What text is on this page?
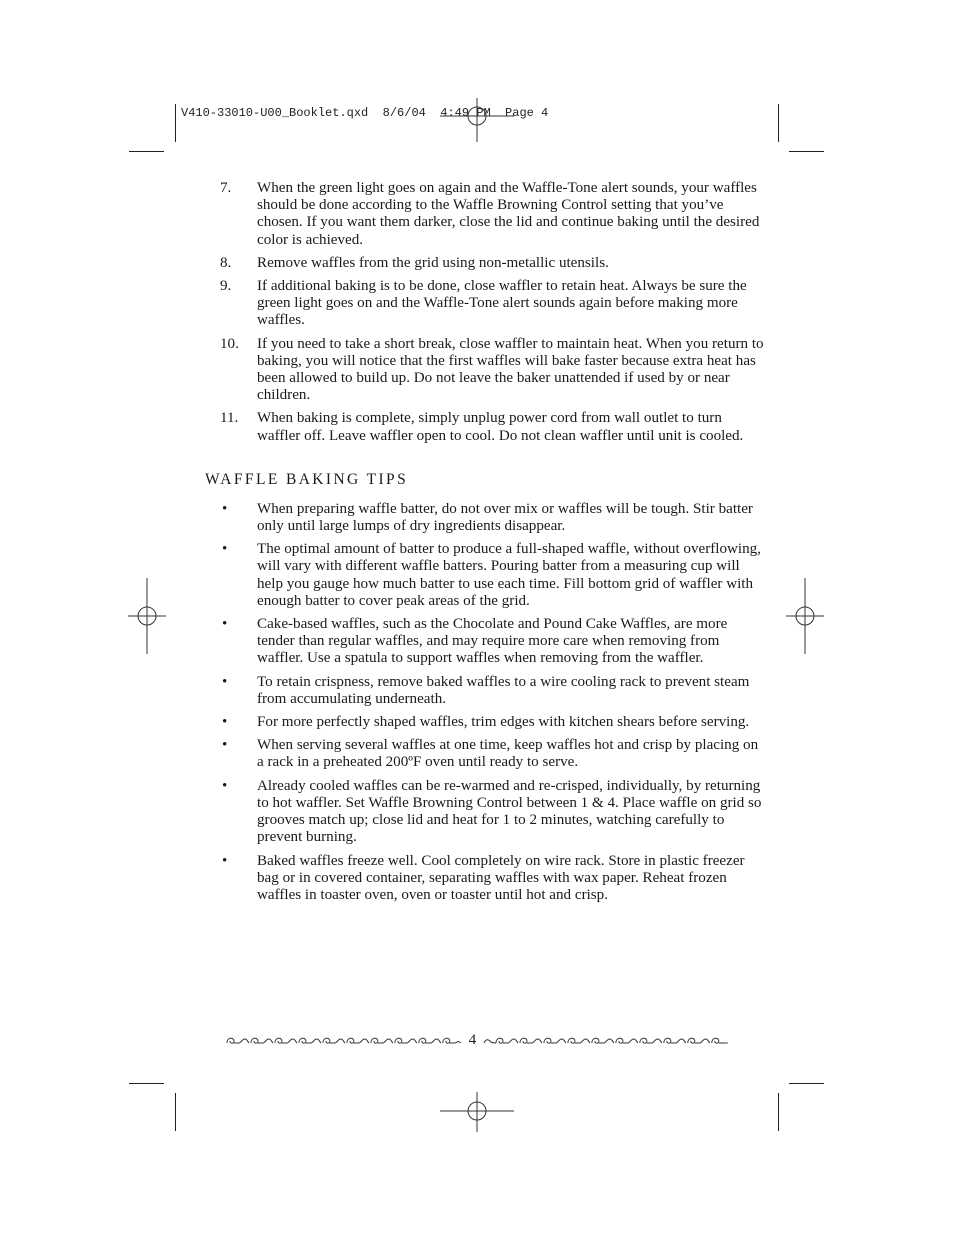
V410-33010-U00_Booklet.qxd  8/6/04  4:49 PM  Page 4
7. When the green light goes on again and the Waffle-Tone alert sounds, your waffles should be done according to the Waffle Browning Control setting that you’ve chosen. If you want them darker, close the lid and continue baking until the desired color is achieved.
8. Remove waffles from the grid using non-metallic utensils.
9. If additional baking is to be done, close waffler to retain heat. Always be sure the green light goes on and the Waffle-Tone alert sounds again before making more waffles.
10. If you need to take a short break, close waffler to maintain heat. When you return to baking, you will notice that the first waffles will bake faster because extra heat has been allowed to build up. Do not leave the baker unattended if used by or near children.
11. When baking is complete, simply unplug power cord from wall outlet to turn waffler off. Leave waffler open to cool. Do not clean waffler until unit is cooled.
WAFFLE BAKING TIPS
• When preparing waffle batter, do not over mix or waffles will be tough. Stir batter only until large lumps of dry ingredients disappear.
• The optimal amount of batter to produce a full-shaped waffle, without overflowing, will vary with different waffle batters. Pouring batter from a measuring cup will help you gauge how much batter to use each time. Fill bottom grid of waffler with enough batter to cover peak areas of the grid.
• Cake-based waffles, such as the Chocolate and Pound Cake Waffles, are more tender than regular waffles, and may require more care when removing from waffler. Use a spatula to support waffles when removing from the waffler.
• To retain crispness, remove baked waffles to a wire cooling rack to prevent steam from accumulating underneath.
• For more perfectly shaped waffles, trim edges with kitchen shears before serving.
• When serving several waffles at one time, keep waffles hot and crisp by placing on a rack in a preheated 200ºF oven until ready to serve.
• Already cooled waffles can be re-warmed and re-crisped, individually, by returning to hot waffler. Set Waffle Browning Control between 1 & 4. Place waffle on grid so grooves match up; close lid and heat for 1 to 2 minutes, watching carefully to prevent burning.
• Baked waffles freeze well. Cool completely on wire rack. Store in plastic freezer bag or in covered container, separating waffles with wax paper. Reheat frozen waffles in toaster oven, oven or toaster until hot and crisp.
4
